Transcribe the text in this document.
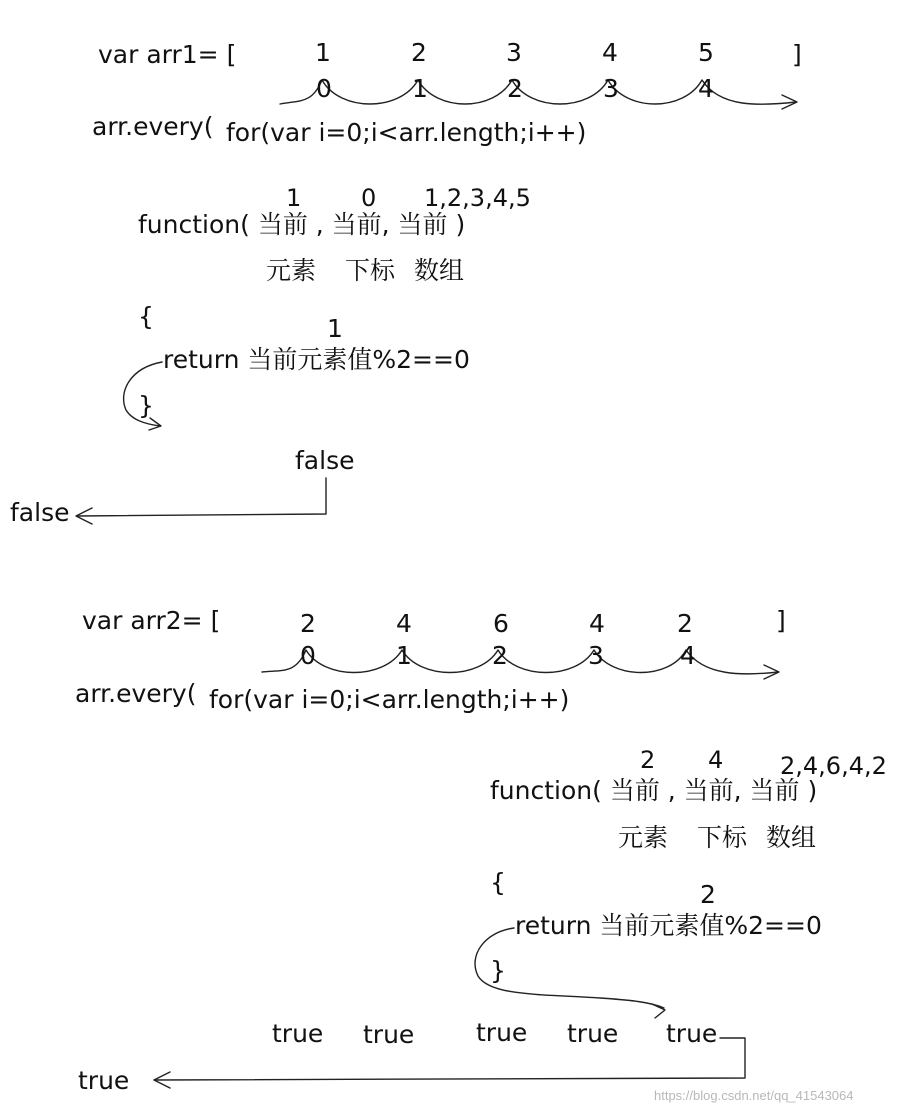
var arr1= [	1	2	3	4	5	]
0	1	2	3	4
arr.every( for(var i=0;i<arr.length;i++)
1 0 1,2,3,4,5
function( 当前 , 当前, 当前 )
元素 下标 数组
{	1
return 当前元素值%2==0
}
false
false
var arr2= [	2	4	6	4	2	]
0	1	2	3	4
arr.every( for(var i=0;i<arr.length;i++)
2 4 2,4,6,4,2
function( 当前 , 当前, 当前 )
元素 下标 数组
{	2
return 当前元素值%2==0
}
true true true true true
true
https://blog.csdn.net/qq_41543064
